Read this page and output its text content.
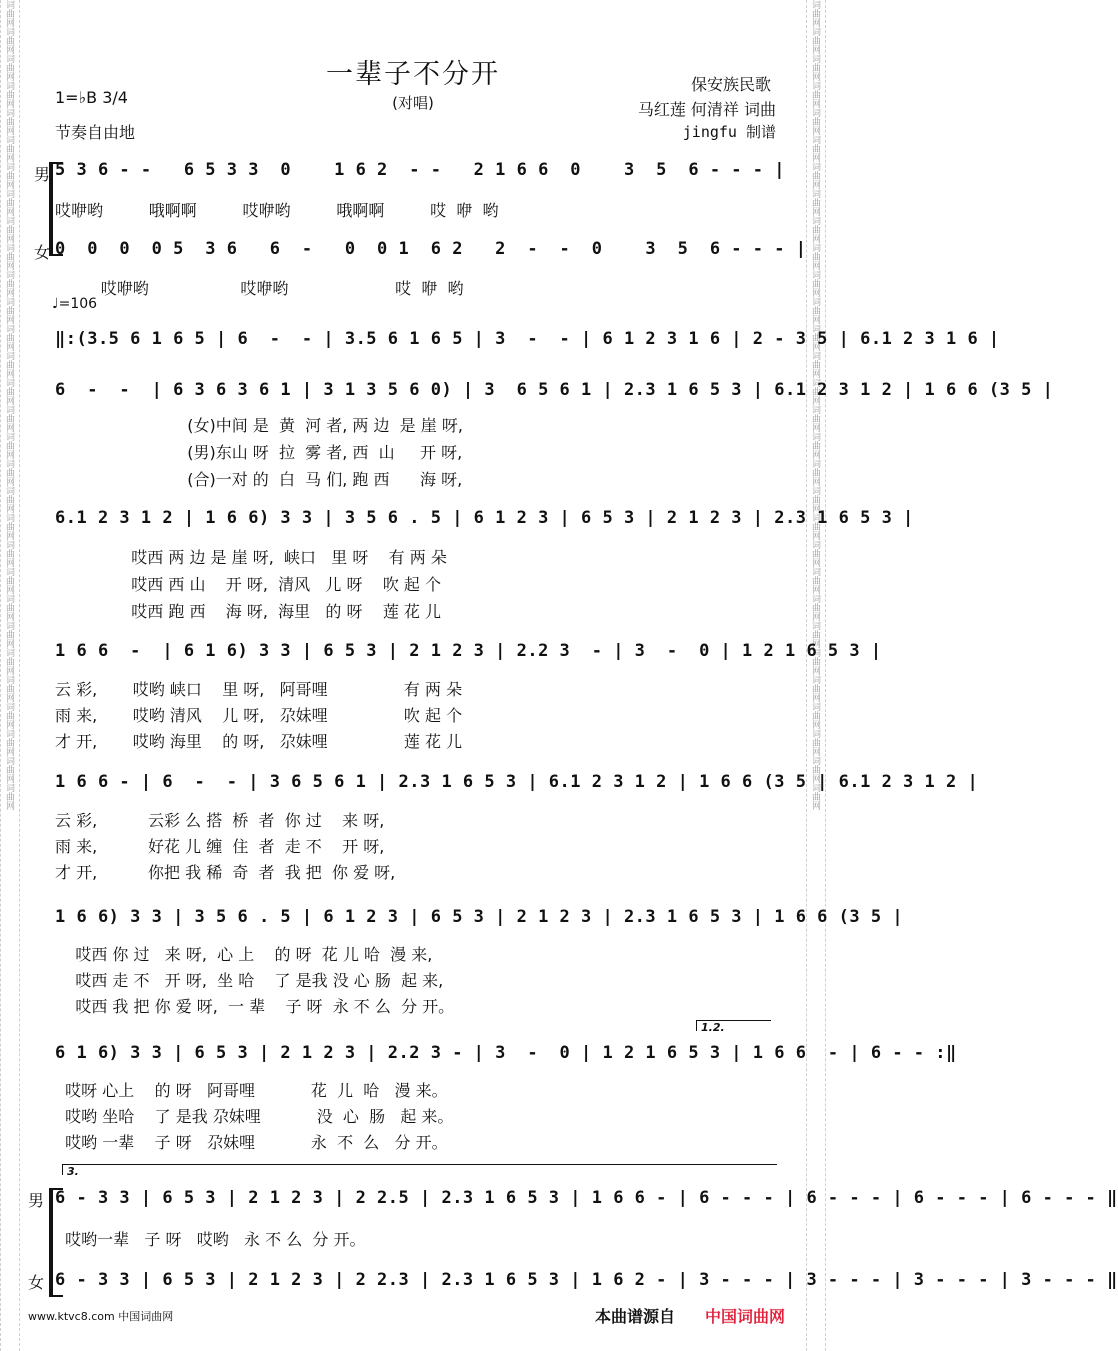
词曲网词曲网词曲网词曲网词曲网词曲网词曲网词曲网词曲网词曲网词曲网词曲网词曲网词曲网词曲网词曲网词曲网词曲网词曲网词曲网词曲网词曲网词曲网词曲网词曲网词曲网词曲网词曲网词曲网词曲网	词曲网词曲网词曲网词曲网词曲网词曲网词曲网词曲网词曲网词曲网词曲网词曲网词曲网词曲网词曲网词曲网词曲网词曲网词曲网词曲网词曲网词曲网词曲网词曲网词曲网词曲网词曲网词曲网词曲网词曲网
一辈子不分开
(对唱)
1=♭B 3/4
节奏自由地
保安族民歌
马红莲 何清祥 词曲
jingfu 制谱
男
女
5 3 6 - -   6 5 3 3  0    1 6 2  - -   2 1 6 6  0    3  5  6 - - - |
哎咿哟         哦啊啊         哎咿哟         哦啊啊         哎  咿  哟
0  0  0  0 5  3 6   6  -   0  0 1  6 2   2  -  -  0    3  5  6 - - - |
哎咿哟                  哎咿哟                     哎  咿  哟
♩=106
‖:(3.5 6 1 6 5 | 6  -  - | 3.5 6 1 6 5 | 3  -  - | 6 1 2 3 1 6 | 2 - 3 5 | 6.1 2 3 1 6 |
6  -  -  | 6 3 6 3 6 1 | 3 1 3 5 6 0) | 3  6 5 6 1 | 2.3 1 6 5 3 | 6.1 2 3 1 2 | 1 6 6 (3 5 |
(女)中间 是  黄  河 者, 两 边  是 崖 呀,
(男)东山 呀  拉  雾 者, 西  山     开 呀,
(合)一对 的  白  马 们, 跑 西      海 呀,
6.1 2 3 1 2 | 1 6 6) 3 3 | 3 5 6 . 5 | 6 1 2 3 | 6 5 3 | 2 1 2 3 | 2.3 1 6 5 3 |
哎西 两 边 是 崖 呀,  峡口   里 呀    有 两 朵
哎西 西 山    开 呀,  清风   儿 呀    吹 起 个
哎西 跑 西    海 呀,  海里   的 呀    莲 花 儿
1 6 6  -  | 6 1 6) 3 3 | 6 5 3 | 2 1 2 3 | 2.2 3  - | 3  -  0 | 1 2 1 6 5 3 |
云 彩,       哎哟 峡口    里 呀,   阿哥哩               有 两 朵
雨 来,       哎哟 清风    儿 呀,   尕妹哩               吹 起 个
才 开,       哎哟 海里    的 呀,   尕妹哩               莲 花 儿
1 6 6 - | 6  -  - | 3 6 5 6 1 | 2.3 1 6 5 3 | 6.1 2 3 1 2 | 1 6 6 (3 5 | 6.1 2 3 1 2 |
云 彩,          云彩 么 搭  桥  者  你 过    来 呀,
雨 来,          好花 儿 缠  住  者  走 不    开 呀,
才 开,          你把 我 稀  奇  者  我 把  你 爱 呀,
1 6 6) 3 3 | 3 5 6 . 5 | 6 1 2 3 | 6 5 3 | 2 1 2 3 | 2.3 1 6 5 3 | 1 6 6 (3 5 |
哎西 你 过   来 呀,  心 上    的 呀  花 儿 哈  漫 来,
哎西 走 不   开 呀,  坐 哈    了 是我 没 心 肠  起 来,
哎西 我 把 你 爱 呀,  一 辈    子 呀  永 不 么  分 开。
1.2.
6 1 6) 3 3 | 6 5 3 | 2 1 2 3 | 2.2 3 - | 3  -  0 | 1 2 1 6 5 3 | 1 6 6  - | 6 - - :‖
哎呀 心上    的 呀   阿哥哩           花  儿  哈   漫 来。
哎哟 坐哈    了 是我 尕妹哩           没  心  肠   起 来。
哎哟 一辈    子 呀   尕妹哩           永  不  么   分 开。
3.
男
女
6 - 3 3 | 6 5 3 | 2 1 2 3 | 2 2.5 | 2.3 1 6 5 3 | 1 6 6 - | 6 - - - | 6 - - - | 6 - - - | 6 - - - ‖
哎哟一辈   子 呀   哎哟   永 不 么  分 开。
6 - 3 3 | 6 5 3 | 2 1 2 3 | 2 2.3 | 2.3 1 6 5 3 | 1 6 2 - | 3 - - - | 3 - - - | 3 - - - | 3 - - - ‖
www.ktvc8.com 中国词曲网	本曲谱源自 中国词曲网
